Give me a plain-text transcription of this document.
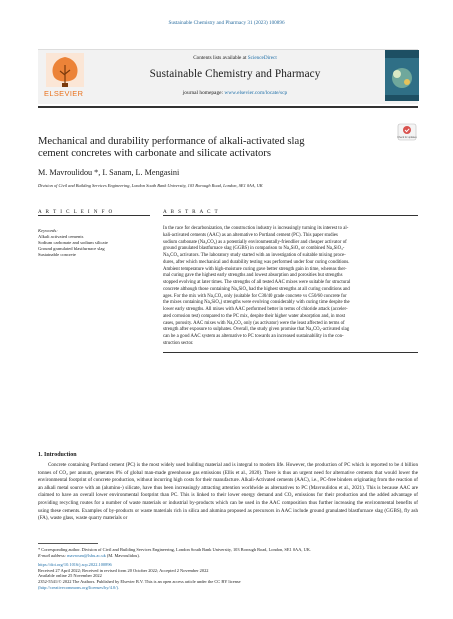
Sustainable Chemistry and Pharmacy 31 (2023) 100896
ELSEVIER
Contents lists available at ScienceDirect
Sustainable Chemistry and Pharmacy
journal homepage: www.elsevier.com/locate/scp
Mechanical and durability performance of alkali-activated slag
cement concretes with carbonate and silicate activators
Check for updates
M. Mavroulidou *, I. Sanam, L. Mengasini
Division of Civil and Building Services Engineering, London South Bank University, 103 Borough Road, London, SE1 0AA, UK
A R T I C L E I N F O	A B S T R A C T
Keywords:
Alkali activated cements
Sodium carbonate and sodium silicate
Ground granulated blastfurnace slag
Sustainable concrete
In the race for decarbonization, the construction industry is increasingly turning its interest to al-
kali-activated cements (AAC) as an alternative to Portland cement (PC). This paper studies
sodium carbonate (Na₂CO₃) as a potentially environmentally-friendlier and cheaper activator of
ground granulated blastfurnace slag (GGBS) in comparison to Na₂SiO₃ or combined Na₂SiO₃-
Na₂CO₃ activators. The laboratory study started with an investigation of suitable mixing proce-
dures, after which mechanical and durability testing was performed under four curing conditions.
Ambient temperature with high-moisture curing gave better strength gain in time, whereas ther-
mal curing gave the highest early strengths and lowest absorption and porosities but strengths
stopped evolving at later times. The strengths of all tested AAC mixes were suitable for structural
concrete although those containing Na₂SiO₃ had the highest strengths at all curing conditions and
ages. For the mix with Na₂CO₃ only (suitable for C30/40 grade concrete vs C50/60 concrete for
the mixes containing Na₂SiO₃) strengths were evolving considerably with curing time despite the
lower early strengths. All mixes with AAC performed better in terms of chloride attack (acceler-
ated corrosion test) compared to the PC mix, despite their higher water absorption and, in most
cases, porosity. AAC mixes with Na₂CO₃ only (as activator) were the least affected in terms of
strength after exposure to sulphates. Overall, the study given promise that Na₂CO₃-activated slag
can be a good AAC system as alternative to PC towards an increased sustainability in the con-
struction sector.
1. Introduction
Concrete containing Portland cement (PC) is the most widely used building material and is integral to modern life. However, the production of PC which is reported to be 4 billion tonnes of CO₂ per annum, generates 8% of global man-made greenhouse gas emissions (Ellis et al., 2020). There is thus an urgent need for alternative cements that would lower the environmental footprint of concrete production, without incurring high costs for their manufacture. Alkali-Activated cements (AAC), i.e., PC-free binders originating from the reaction of an alkali metal source with an (alumino-) silicate, have thus been increasingly attracting attention worldwide as alternatives to PC (Mavroulidou et al., 2021). This is because AAC are claimed to have an overall lower environmental footprint than PC. This is linked to their lower energy demand and CO₂ emissions for their production and the added advantage of providing recycling routes for a number of waste materials or industrial by-products which can be used in the AAC composition thus further increasing the environmental benefits of using these cements. Examples of by-products or waste materials rich in silica and alumina proposed as precursors in AAC include ground granulated blastfurnace slag (GGBS), fly ash (FA), waste glass, waste quarry materials or
* Corresponding author. Division of Civil and Building Services Engineering, London South Bank University, 103 Borough Road, London, SE1 0AA, UK.
E-mail address: mavroum@lsbu.ac.uk (M. Mavroulidou).
https://doi.org/10.1016/j.scp.2022.100896
Received 27 April 2022; Received in revised form 20 October 2022; Accepted 2 November 2022
Available online 25 November 2022
2352-5541/© 2022 The Authors. Published by Elsevier B.V. This is an open access article under the CC BY license
(http://creativecommons.org/licenses/by/4.0/).
